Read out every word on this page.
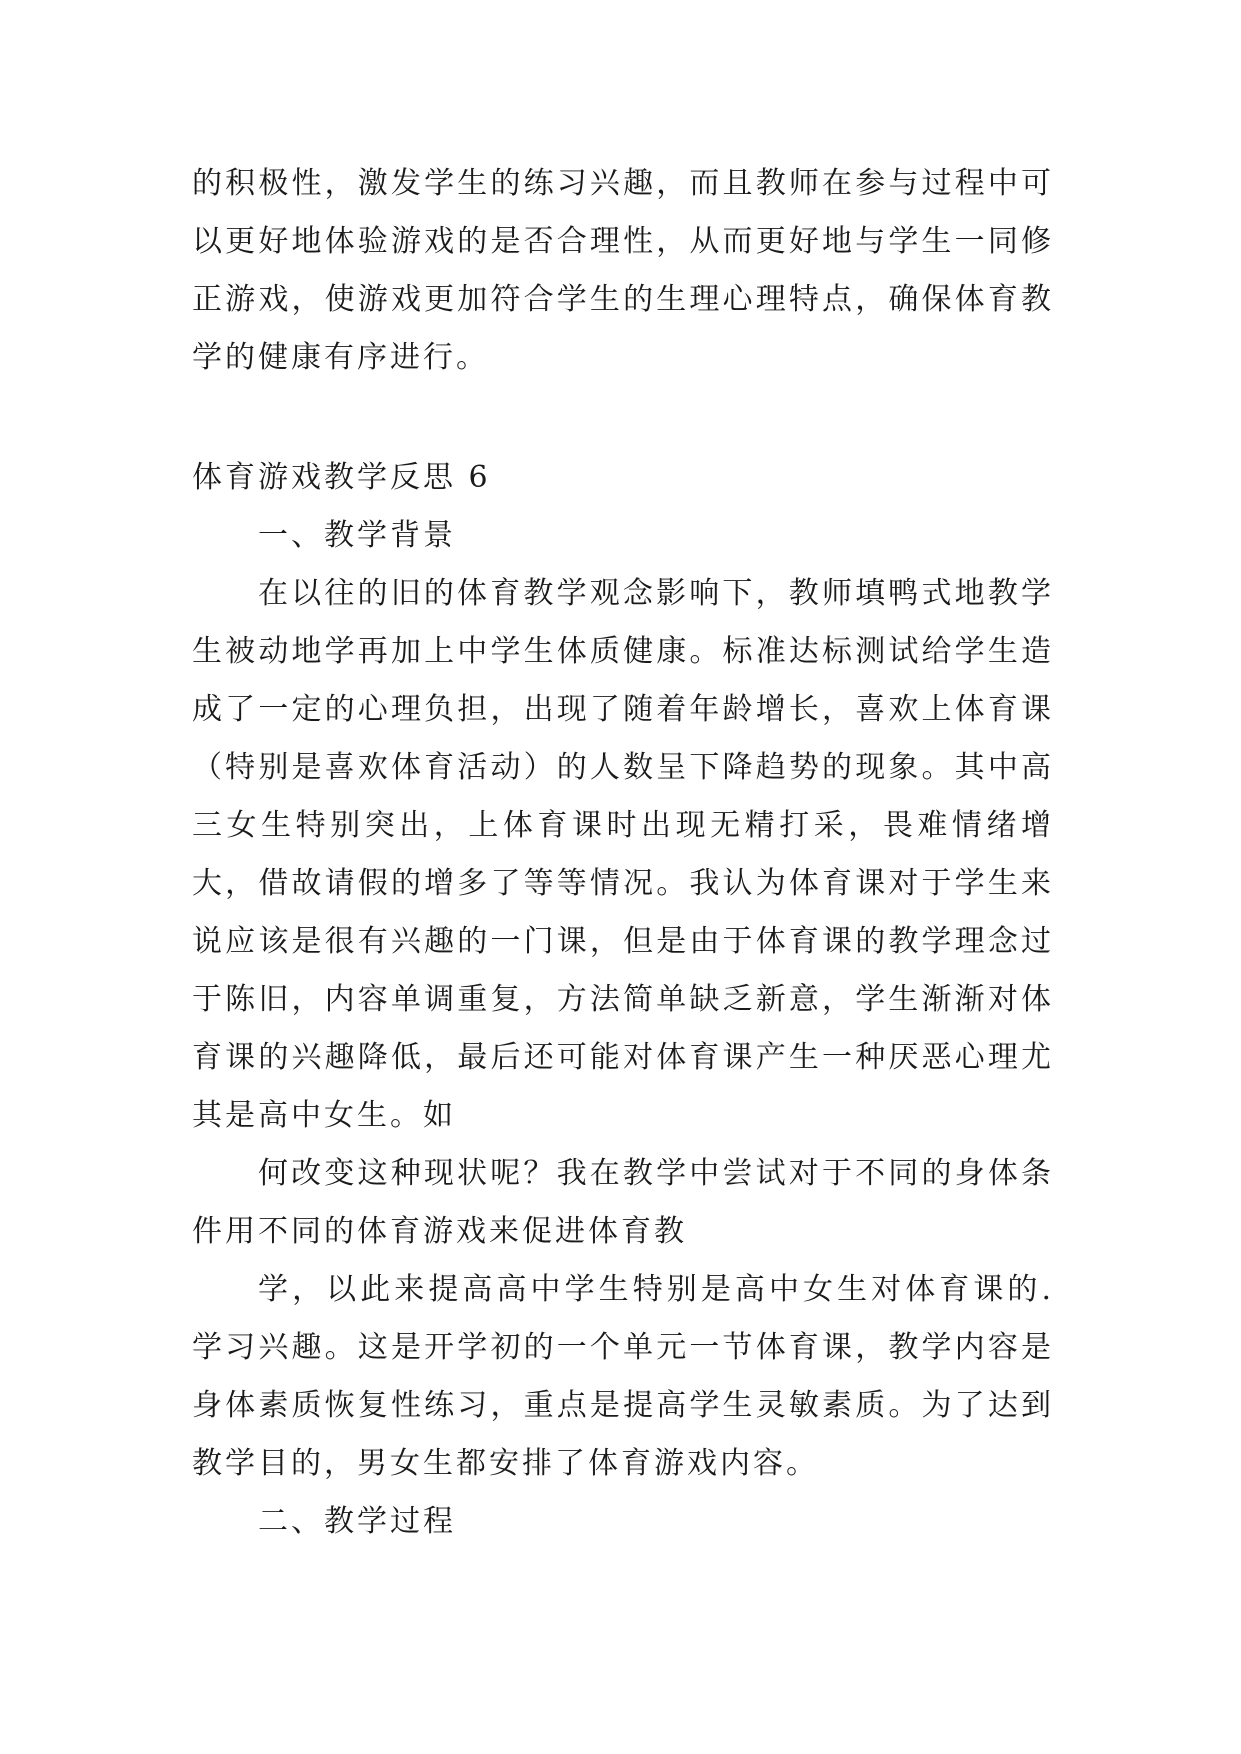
的积极性，激发学生的练习兴趣，而且教师在参与过程中可以更好地体验游戏的是否合理性，从而更好地与学生一同修正游戏，使游戏更加符合学生的生理心理特点，确保体育教学的健康有序进行。

体育游戏教学反思 6

一、教学背景

在以往的旧的体育教学观念影响下，教师填鸭式地教学生被动地学再加上中学生体质健康。标准达标测试给学生造成了一定的心理负担，出现了随着年龄增长，喜欢上体育课（特别是喜欢体育活动）的人数呈下降趋势的现象。其中高三女生特别突出，上体育课时出现无精打采，畏难情绪增大，借故请假的增多了等等情况。我认为体育课对于学生来说应该是很有兴趣的一门课，但是由于体育课的教学理念过于陈旧，内容单调重复，方法简单缺乏新意，学生渐渐对体育课的兴趣降低，最后还可能对体育课产生一种厌恶心理尤其是高中女生。如

何改变这种现状呢？我在教学中尝试对于不同的身体条件用不同的体育游戏来促进体育教

学，以此来提高高中学生特别是高中女生对体育课的.学习兴趣。这是开学初的一个单元一节体育课，教学内容是身体素质恢复性练习，重点是提高学生灵敏素质。为了达到教学目的，男女生都安排了体育游戏内容。

二、教学过程
